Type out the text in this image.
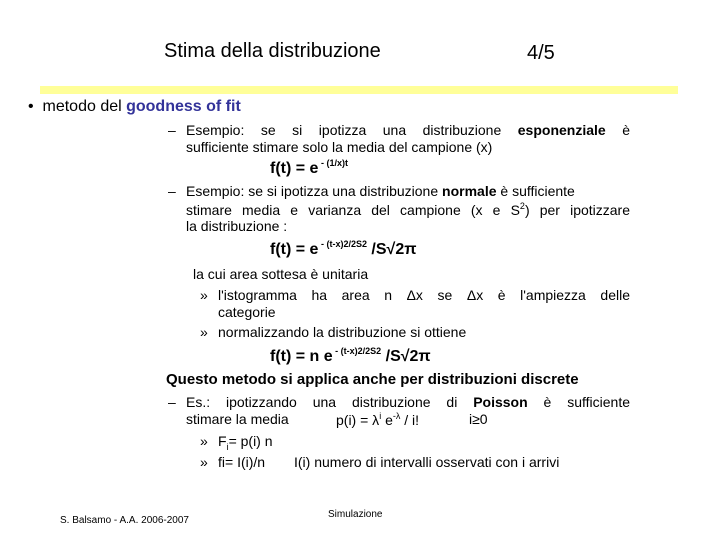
Stima della distribuzione	4/5
• metodo del goodness of fit
– Esempio: se si ipotizza una distribuzione esponenziale è
sufficiente stimare solo la media del campione (x)
f(t) = e $^{- (1/x)t}$
– Esempio: se si ipotizza una distribuzione normale è sufficiente
stimare media e varianza del campione (x e $S^2$) per ipotizzare
la distribuzione :
f(t) = e $^{- (t-x)2/2S2}$ /S√2π
la cui area sottesa è unitaria
» l'istogramma ha area n Δx se Δx è l'ampiezza delle
categorie
» normalizzando la distribuzione si ottiene
f(t) = n e $^{- (t-x)2/2S2}$ /S√2π
Questo metodo si applica anche per distribuzioni discrete
– Es.: ipotizzando una distribuzione di Poisson è sufficiente
stimare la media	$p(i) = \lambda^i$ $e^{-\lambda}$ / i!	i≥0
» $F_i= p(i)$ n
» fi= I(i)/n I(i) numero di intervalli osservati con i arrivi
S. Balsamo - A.A. 2006-2007
Simulazione
